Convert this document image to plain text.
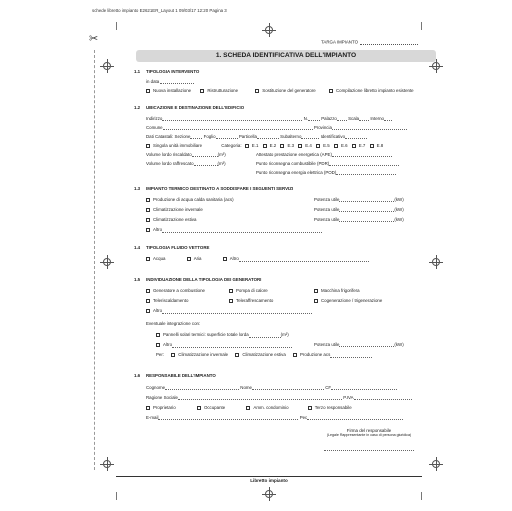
schede libretto impianto E2621ER_Layout 1 09/03/17 12:20 Pagina 3
✂	TARGA IMPIANTO
1. SCHEDA IDENTIFICATIVA DELL'IMPIANTO
1.1 TIPOLOGIA INTERVENTO
in data
Nuova installazione	Ristrutturazione	Sostituzione del generatore	Compilazione libretto impianto esistente
1.2 UBICAZIONE E DESTINAZIONE DELL'EDIFICIO
Indirizzo	N.	Palazzo	Scala	Interno
Comune	Provincia
Dati Catastali: Sezione	Foglio	Particella	Subalterno	Identificativo
Singola unità immobiliare	Categoria: E.1	E.2	E.3	E.4	E.5	E.6	E.7	E.8
Volume lordo riscaldato	(m³)	Attestato prestazione energetica (APE)
Volume lordo raffrescato	(m³)	Punto riconsegna combustibile (PDR)
Punto riconsegna energia elettrica (POD)
1.3 IMPIANTO TERMICO DESTINATO A SODDISFARE I SEGUENTI SERVIZI
Produzione di acqua calda sanitaria (acs)	Potenza utile	(kW)
Climatizzazione invernale	Potenza utile	(kW)
Climatizzazione estiva	Potenza utile	(kW)
Altro
1.4 TIPOLOGIA FLUIDO VETTORE
Acqua	Aria	Altro
1.5 INDIVIDUAZIONE DELLA TIPOLOGIA DEI GENERATORI
Generatore a combustione	Pompa di calore	Macchina frigorifera
Teleriscaldamento	Teleraffrescamento	Cogenerazione / trigenerazione
Altro
Eventuale integrazione con:
Pannelli solari termici: superficie totale lorda	(m²)
Altro	Potenza utile	(kW)
Per:	Climatizzazione invernale	Climatizzazione estiva	Produzione acs
1.6 RESPONSABILE DELL'IMPIANTO
Cognome	Nome	CF
Ragione Sociale	P.IVA
Proprietario	Occupante	Amm. condominio	Terzo responsabile
E-mail	Pec
Firma del responsabile
(Legale Rappresentante in caso di persona giuridica)
Libretto impianto
